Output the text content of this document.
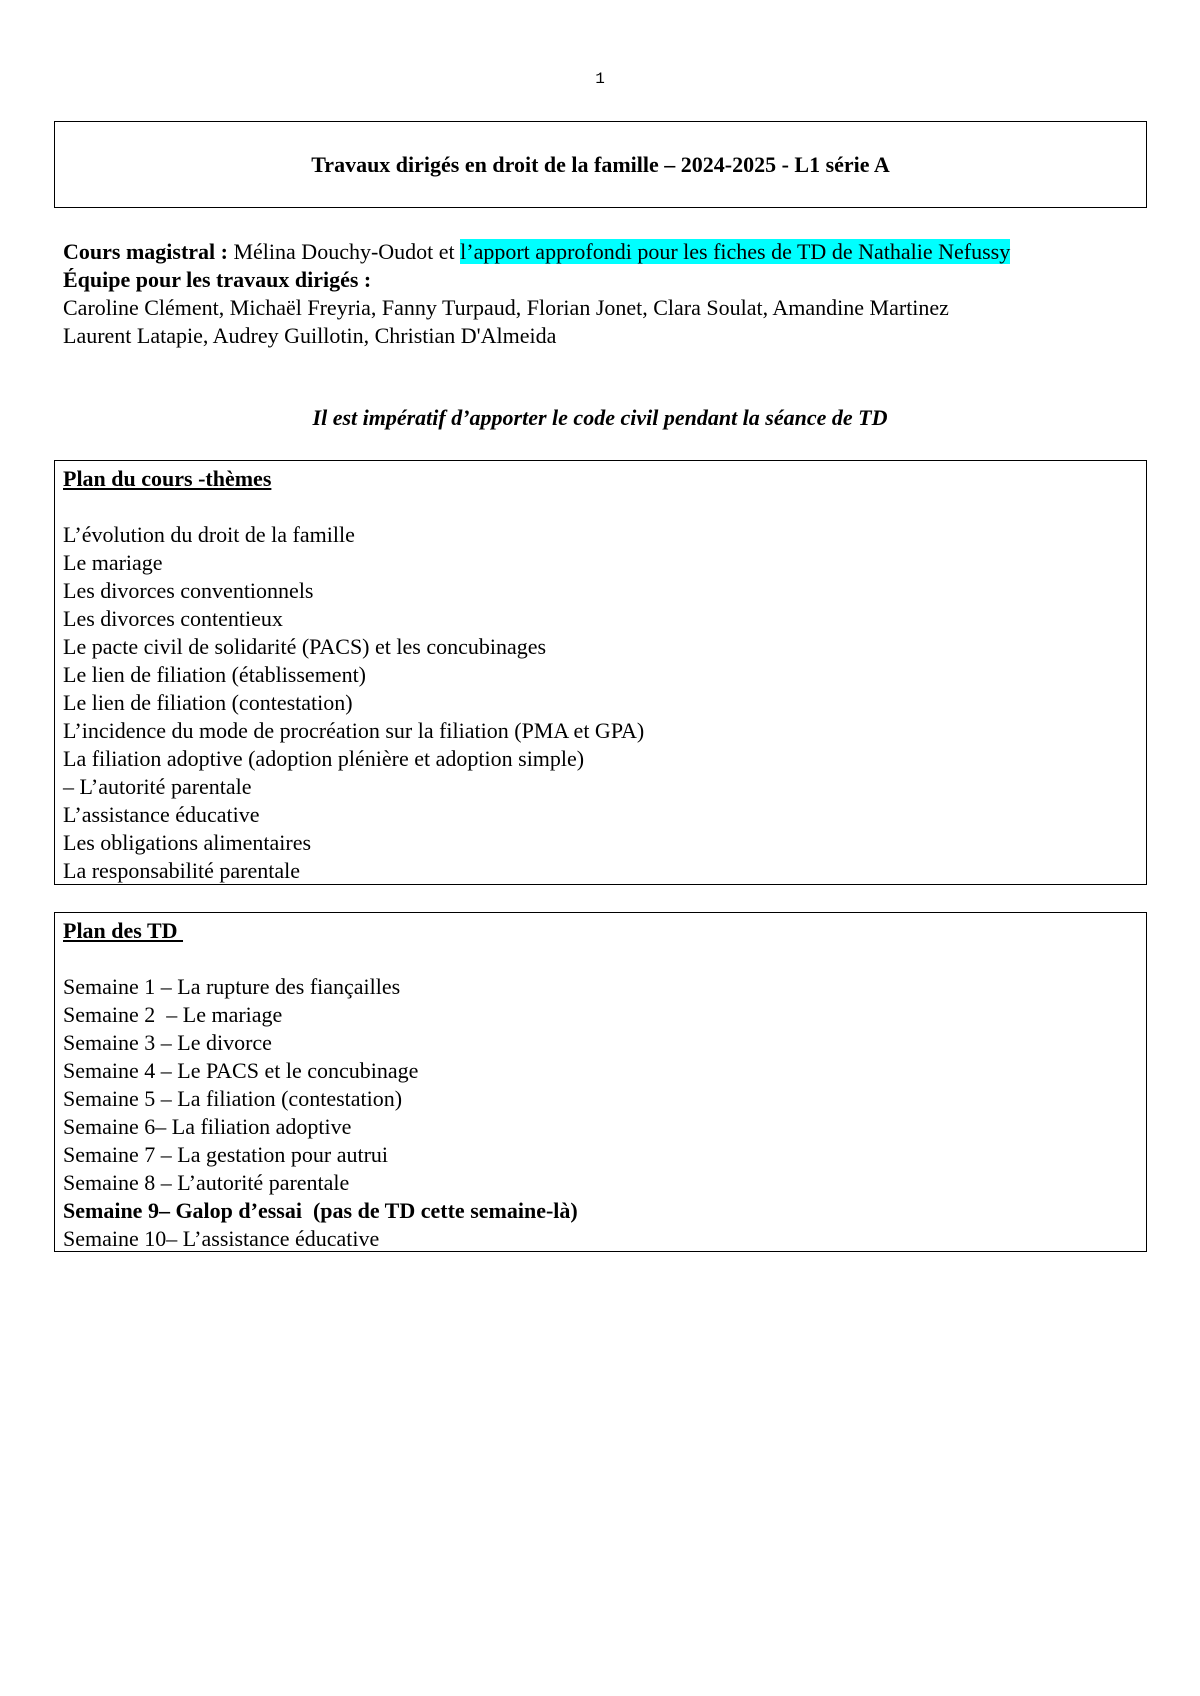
1
Travaux dirigés en droit de la famille – 2024-2025 - L1 série A
Cours magistral : Mélina Douchy-Oudot et l’apport approfondi pour les fiches de TD de Nathalie Nefussy
Équipe pour les travaux dirigés :
Caroline Clément, Michaël Freyria, Fanny Turpaud, Florian Jonet, Clara Soulat, Amandine Martinez
Laurent Latapie, Audrey Guillotin, Christian D'Almeida
Il est impératif d’apporter le code civil pendant la séance de TD
Plan du cours -thèmes
L’évolution du droit de la famille
Le mariage
Les divorces conventionnels
Les divorces contentieux
Le pacte civil de solidarité (PACS) et les concubinages
Le lien de filiation (établissement)
Le lien de filiation (contestation)
L’incidence du mode de procréation sur la filiation (PMA et GPA)
La filiation adoptive (adoption plénière et adoption simple)
– L’autorité parentale
L’assistance éducative
Les obligations alimentaires
La responsabilité parentale
Plan des TD
Semaine 1 – La rupture des fiançailles
Semaine 2  – Le mariage
Semaine 3 – Le divorce
Semaine 4 – Le PACS et le concubinage
Semaine 5 – La filiation (contestation)
Semaine 6– La filiation adoptive
Semaine 7 – La gestation pour autrui
Semaine 8 – L’autorité parentale
Semaine 9– Galop d’essai  (pas de TD cette semaine-là)
Semaine 10– L’assistance éducative
